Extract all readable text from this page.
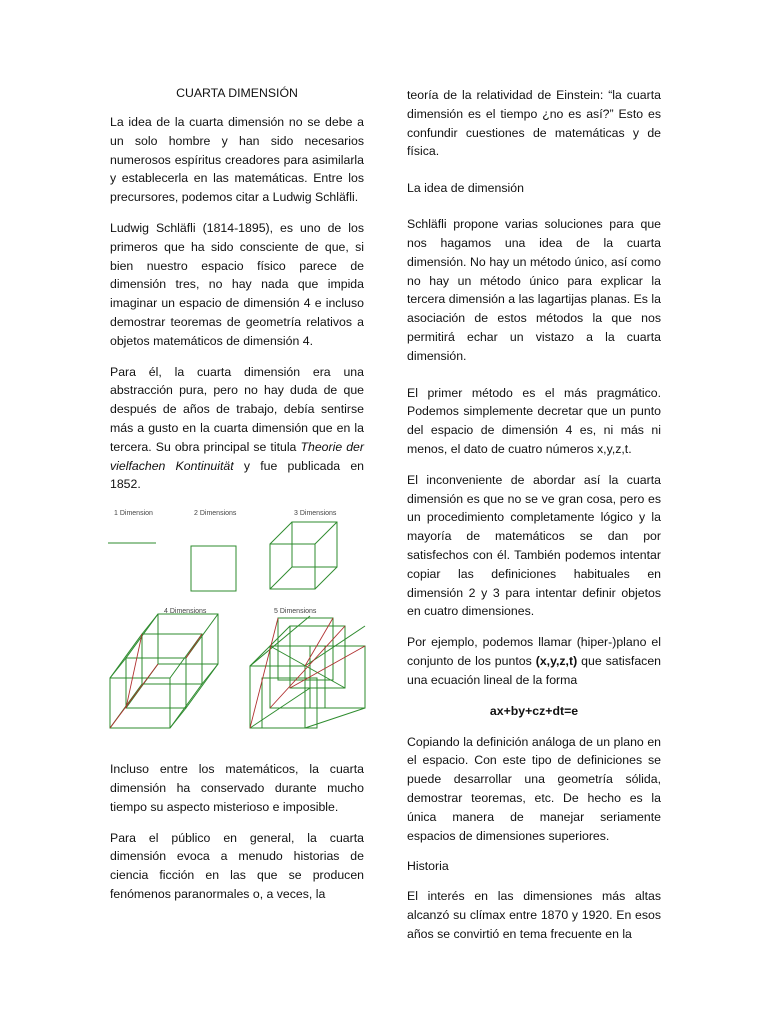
CUARTA DIMENSIÓN

La idea de la cuarta dimensión no se debe a un solo hombre y han sido necesarios numerosos espíritus creadores para asimilarla y establecerla en las matemáticas. Entre los precursores, podemos citar a Ludwig Schläfli.

Ludwig Schläfli (1814-1895), es uno de los primeros que ha sido consciente de que, si bien nuestro espacio físico parece de dimensión tres, no hay nada que impida imaginar un espacio de dimensión 4 e incluso demostrar teoremas de geometría relativos a objetos matemáticos de dimensión 4.

Para él, la cuarta dimensión era una abstracción pura, pero no hay duda de que después de años de trabajo, debía sentirse más a gusto en la cuarta dimensión que en la tercera. Su obra principal se titula Theorie der vielfachen Kontinuität y fue publicada en 1852.

1 Dimension	2 Dimensions	3 Dimensions
4 Dimensions	5 Dimensions

Incluso entre los matemáticos, la cuarta dimensión ha conservado durante mucho tiempo su aspecto misterioso e imposible.

Para el público en general, la cuarta dimensión evoca a menudo historias de ciencia ficción en las que se producen fenómenos paranormales o, a veces, la

teoría de la relatividad de Einstein: “la cuarta dimensión es el tiempo ¿no es así?” Esto es confundir cuestiones de matemáticas y de física.

La idea de dimensión

Schläfli propone varias soluciones para que nos hagamos una idea de la cuarta dimensión. No hay un método único, así como no hay un método único para explicar la tercera dimensión a las lagartijas planas. Es la asociación de estos métodos la que nos permitirá echar un vistazo a la cuarta dimensión.

El primer método es el más pragmático. Podemos simplemente decretar que un punto del espacio de dimensión 4 es, ni más ni menos, el dato de cuatro números x,y,z,t.

El inconveniente de abordar así la cuarta dimensión es que no se ve gran cosa, pero es un procedimiento completamente lógico y la mayoría de matemáticos se dan por satisfechos con él. También podemos intentar copiar las definiciones habituales en dimensión 2 y 3 para intentar definir objetos en cuatro dimensiones.

Por ejemplo, podemos llamar (hiper-)plano el conjunto de los puntos (x,y,z,t) que satisfacen una ecuación lineal de la forma

ax+by+cz+dt=e

Copiando la definición análoga de un plano en el espacio. Con este tipo de definiciones se puede desarrollar una geometría sólida, demostrar teoremas, etc. De hecho es la única manera de manejar seriamente espacios de dimensiones superiores.

Historia

El interés en las dimensiones más altas alcanzó su clímax entre 1870 y 1920. En esos años se convirtió en tema frecuente en la
